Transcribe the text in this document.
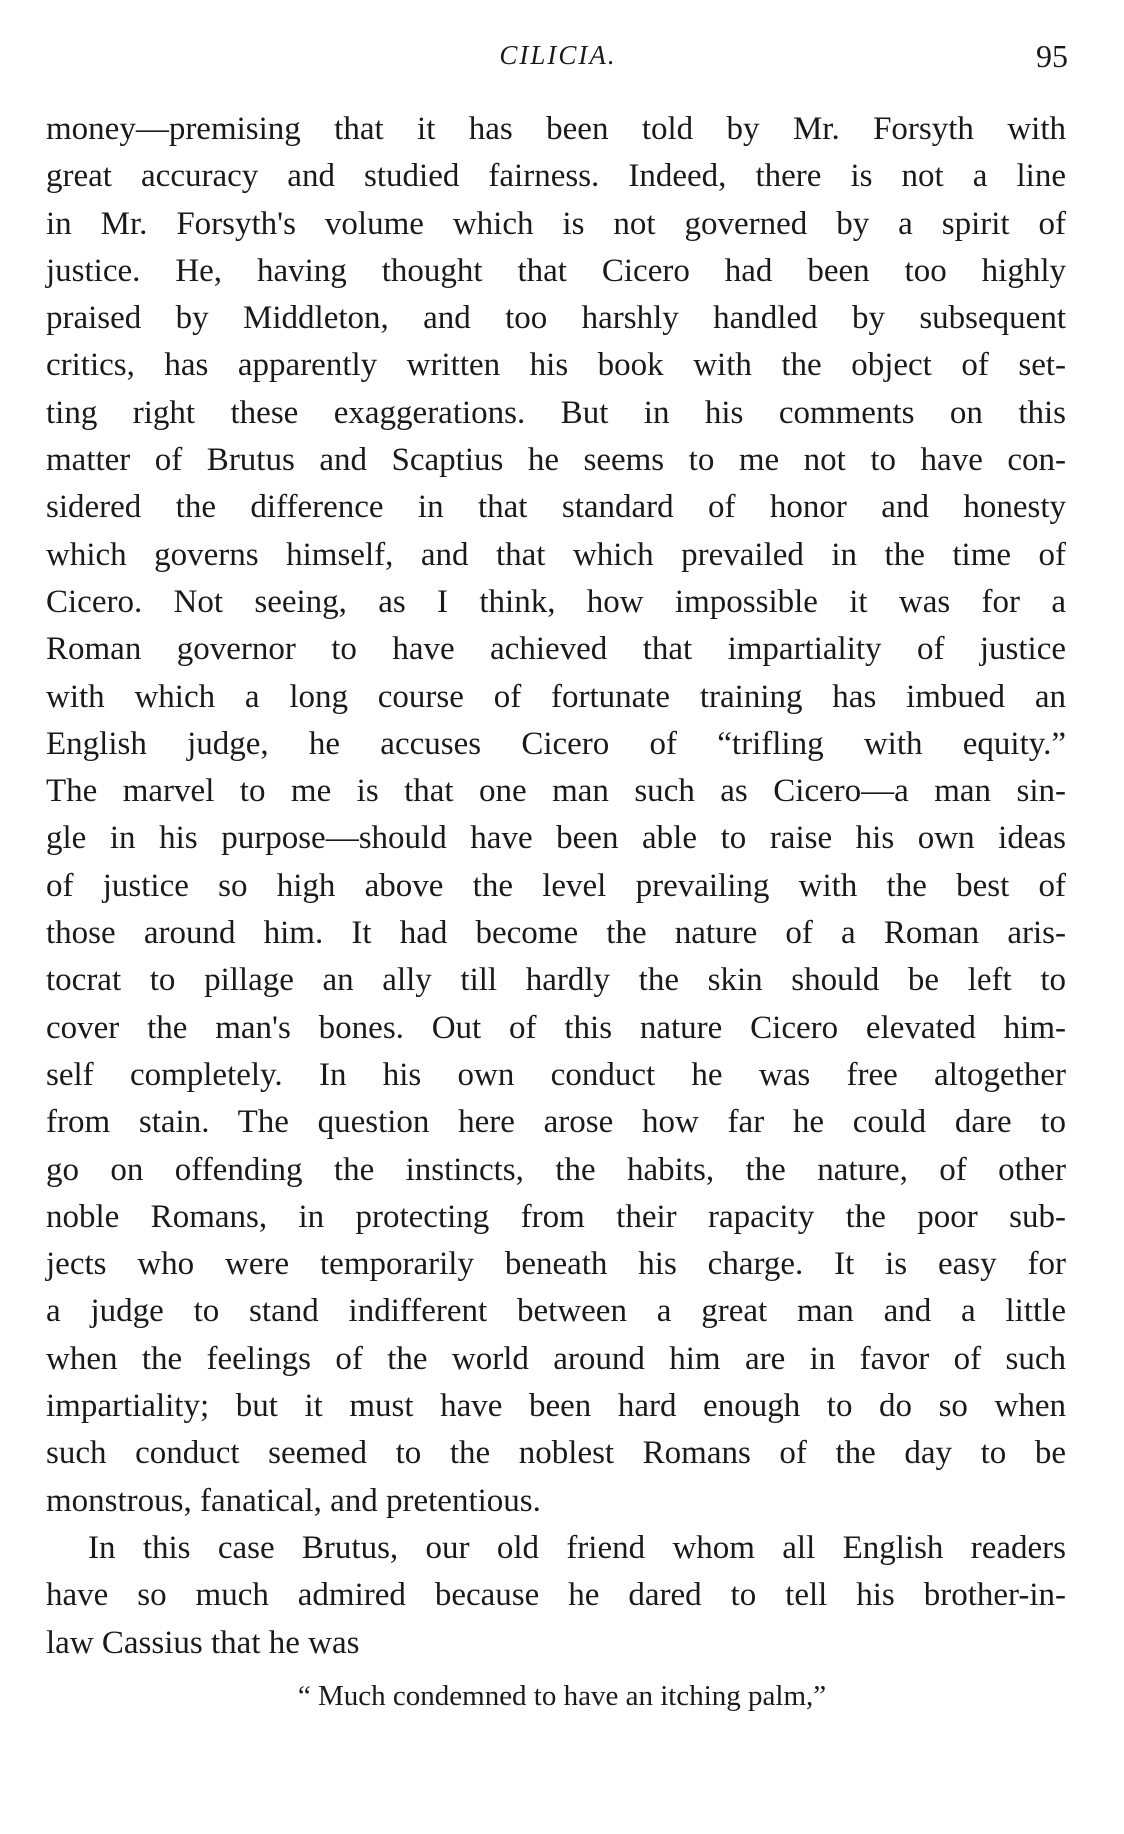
CILICIA.	95
money—premising that it has been told by Mr. Forsyth with
great accuracy and studied fairness. Indeed, there is not a line
in Mr. Forsyth's volume which is not governed by a spirit of
justice. He, having thought that Cicero had been too highly
praised by Middleton, and too harshly handled by subsequent
critics, has apparently written his book with the object of set-
ting right these exaggerations. But in his comments on this
matter of Brutus and Scaptius he seems to me not to have con-
sidered the difference in that standard of honor and honesty
which governs himself, and that which prevailed in the time of
Cicero. Not seeing, as I think, how impossible it was for a
Roman governor to have achieved that impartiality of justice
with which a long course of fortunate training has imbued an
English judge, he accuses Cicero of “trifling with equity.”
The marvel to me is that one man such as Cicero—a man sin-
gle in his purpose—should have been able to raise his own ideas
of justice so high above the level prevailing with the best of
those around him. It had become the nature of a Roman aris-
tocrat to pillage an ally till hardly the skin should be left to
cover the man's bones. Out of this nature Cicero elevated him-
self completely. In his own conduct he was free altogether
from stain. The question here arose how far he could dare to
go on offending the instincts, the habits, the nature, of other
noble Romans, in protecting from their rapacity the poor sub-
jects who were temporarily beneath his charge. It is easy for
a judge to stand indifferent between a great man and a little
when the feelings of the world around him are in favor of such
impartiality; but it must have been hard enough to do so when
such conduct seemed to the noblest Romans of the day to be
monstrous, fanatical, and pretentious.
In this case Brutus, our old friend whom all English readers
have so much admired because he dared to tell his brother-in-
law Cassius that he was
“ Much condemned to have an itching palm,”
